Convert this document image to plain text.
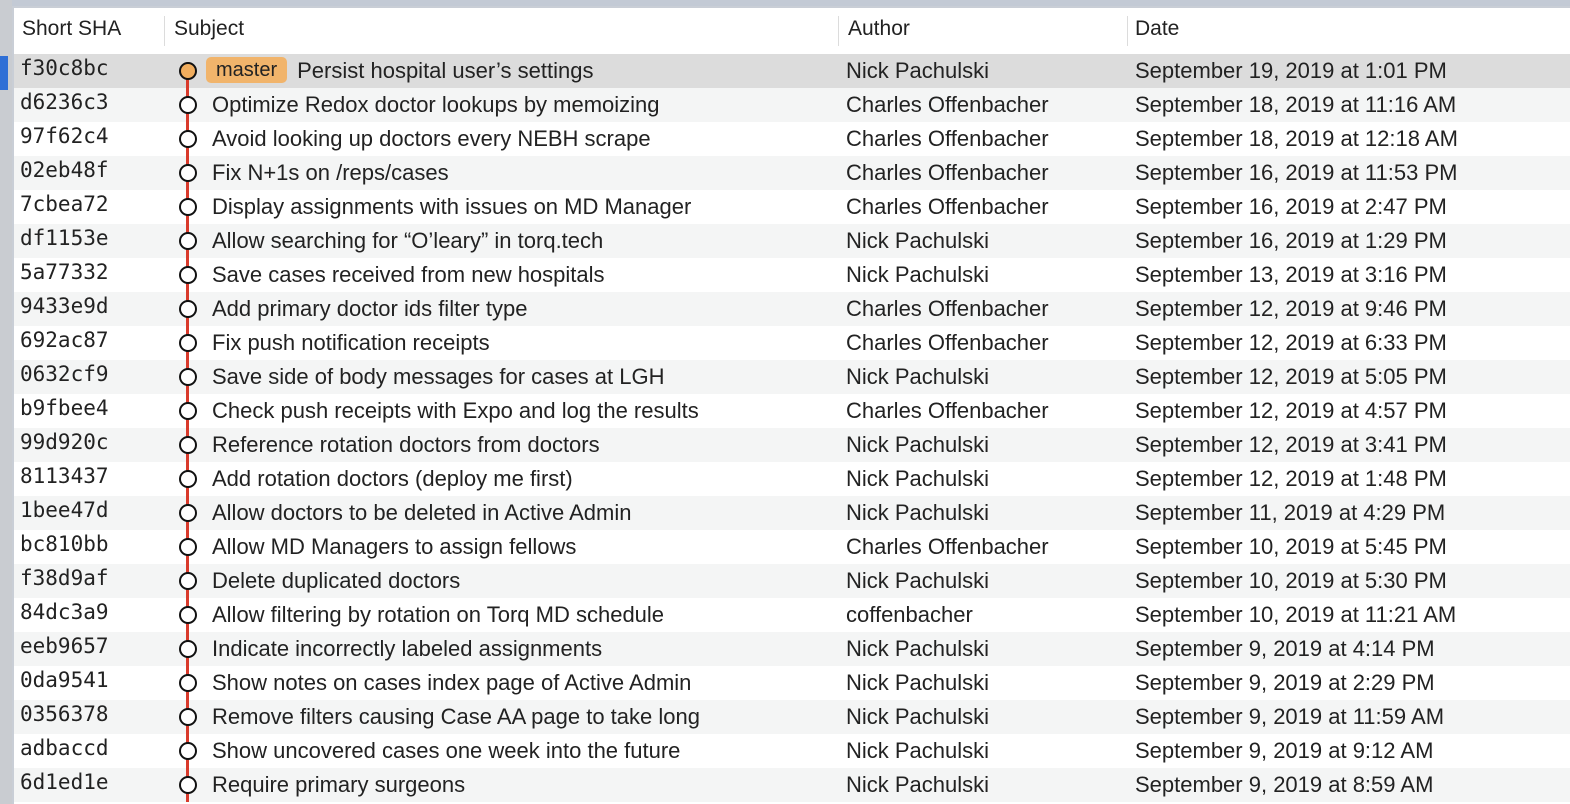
Short SHA	Subject	Author	Date
f30c8bc	master Persist hospital user’s settings	Nick Pachulski	September 19, 2019 at 1:01 PM
d6236c3	Optimize Redox doctor lookups by memoizing	Charles Offenbacher	September 18, 2019 at 11:16 AM
97f62c4	Avoid looking up doctors every NEBH scrape	Charles Offenbacher	September 18, 2019 at 12:18 AM
02eb48f	Fix N+1s on /reps/cases	Charles Offenbacher	September 16, 2019 at 11:53 PM
7cbea72	Display assignments with issues on MD Manager	Charles Offenbacher	September 16, 2019 at 2:47 PM
df1153e	Allow searching for “O’leary” in torq.tech	Nick Pachulski	September 16, 2019 at 1:29 PM
5a77332	Save cases received from new hospitals	Nick Pachulski	September 13, 2019 at 3:16 PM
9433e9d	Add primary doctor ids filter type	Charles Offenbacher	September 12, 2019 at 9:46 PM
692ac87	Fix push notification receipts	Charles Offenbacher	September 12, 2019 at 6:33 PM
0632cf9	Save side of body messages for cases at LGH	Nick Pachulski	September 12, 2019 at 5:05 PM
b9fbee4	Check push receipts with Expo and log the results	Charles Offenbacher	September 12, 2019 at 4:57 PM
99d920c	Reference rotation doctors from doctors	Nick Pachulski	September 12, 2019 at 3:41 PM
8113437	Add rotation doctors (deploy me first)	Nick Pachulski	September 12, 2019 at 1:48 PM
1bee47d	Allow doctors to be deleted in Active Admin	Nick Pachulski	September 11, 2019 at 4:29 PM
bc810bb	Allow MD Managers to assign fellows	Charles Offenbacher	September 10, 2019 at 5:45 PM
f38d9af	Delete duplicated doctors	Nick Pachulski	September 10, 2019 at 5:30 PM
84dc3a9	Allow filtering by rotation on Torq MD schedule	coffenbacher	September 10, 2019 at 11:21 AM
eeb9657	Indicate incorrectly labeled assignments	Nick Pachulski	September 9, 2019 at 4:14 PM
0da9541	Show notes on cases index page of Active Admin	Nick Pachulski	September 9, 2019 at 2:29 PM
0356378	Remove filters causing Case AA page to take long	Nick Pachulski	September 9, 2019 at 11:59 AM
adbaccd	Show uncovered cases one week into the future	Nick Pachulski	September 9, 2019 at 9:12 AM
6d1ed1e	Require primary surgeons	Nick Pachulski	September 9, 2019 at 8:59 AM
